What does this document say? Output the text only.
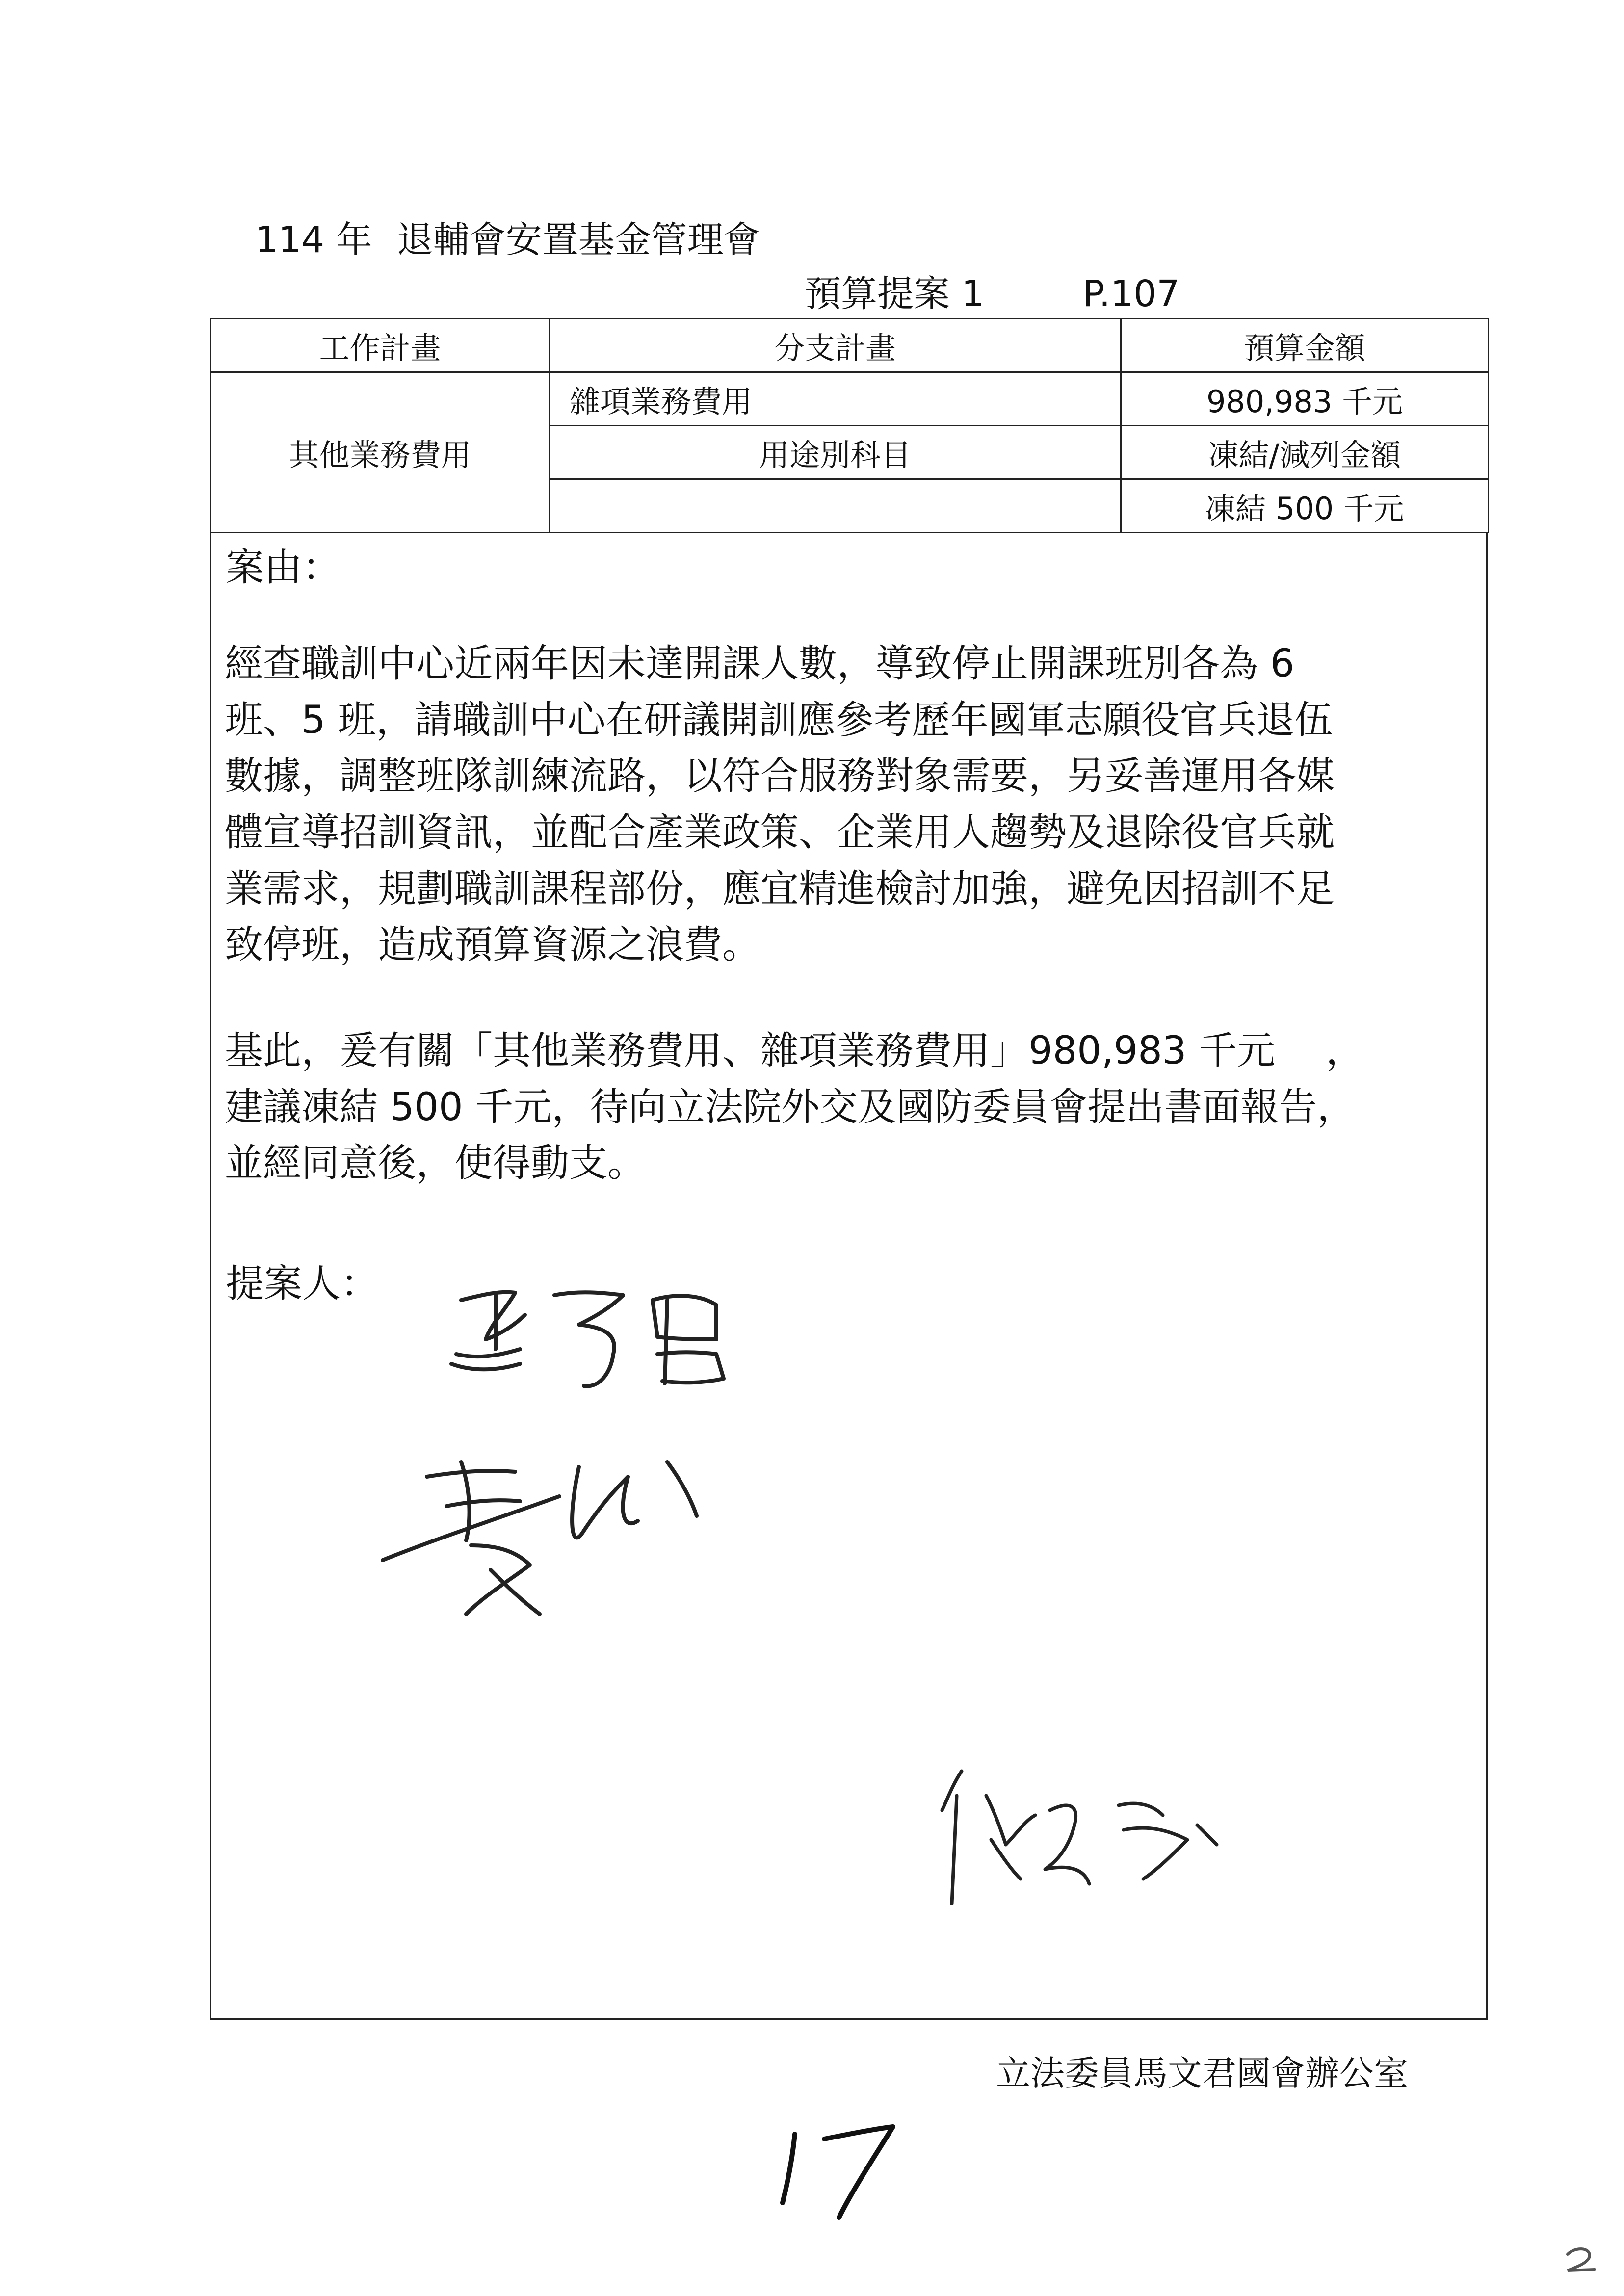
114 年 退輔會安置基金管理會
預算提案 1	P.107
工作計畫	分支計畫	預算金額
其他業務費用	雜項業務費用	980,983 千元
	用途別科目	凍結/減列金額
		凍結 500 千元
案由：
經查職訓中心近兩年因未達開課人數，導致停止開課班別各為 6
班、5 班，請職訓中心在研議開訓應參考歷年國軍志願役官兵退伍
數據，調整班隊訓練流路，以符合服務對象需要，另妥善運用各媒
體宣導招訓資訊，並配合產業政策、企業用人趨勢及退除役官兵就
業需求，規劃職訓課程部份，應宜精進檢討加強，避免因招訓不足
致停班，造成預算資源之浪費。
基此，爰有關「其他業務費用、雜項業務費用」980,983 千元　 ，
建議凍結 500 千元，待向立法院外交及國防委員會提出書面報告，
並經同意後，使得動支。
提案人：
立法委員馬文君國會辦公室
